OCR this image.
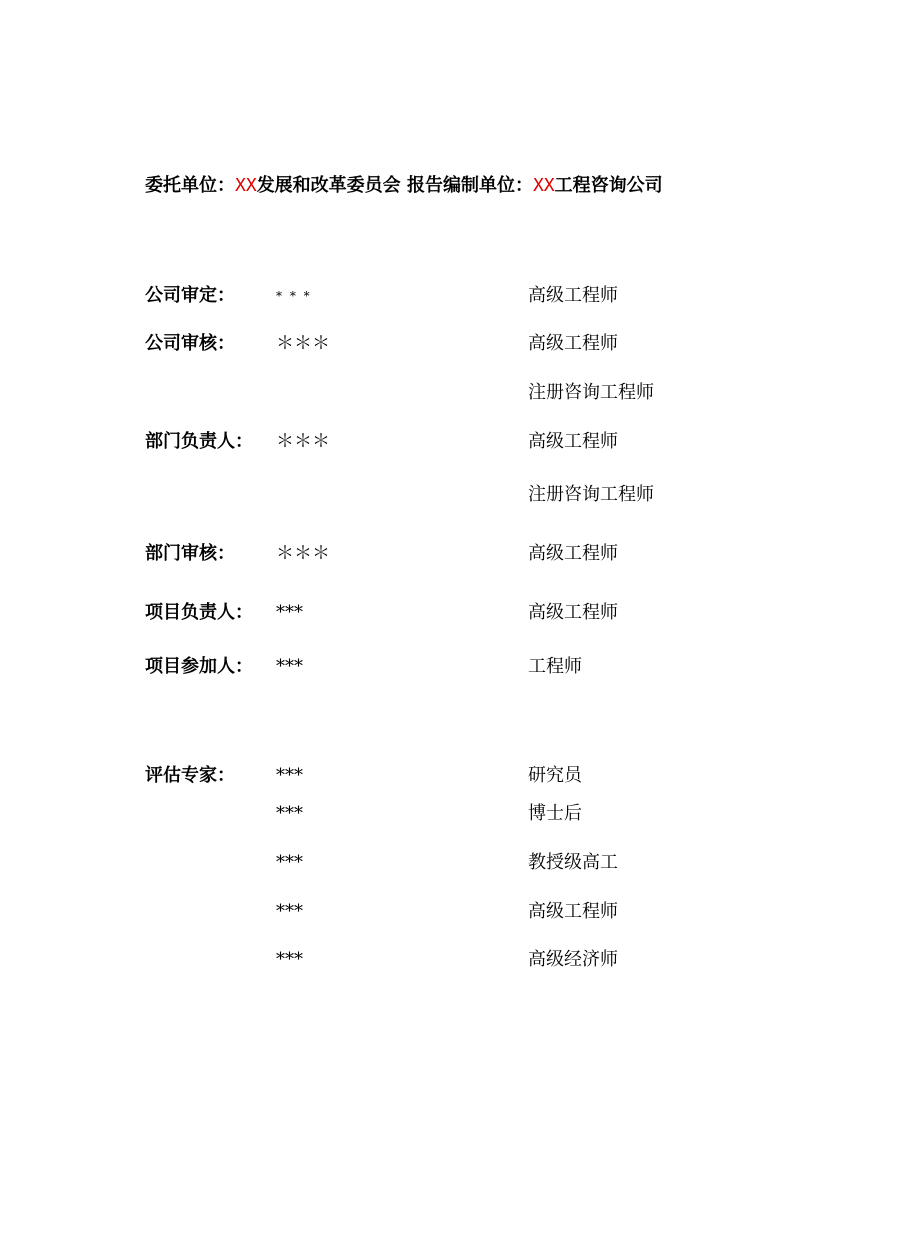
委托单位：XX发展和改革委员会 报告编制单位：XX工程咨询公司
公司审定：	* * *	高级工程师
公司审核： ＊＊＊	高级工程师
注册咨询工程师
部门负责人： ＊＊＊	高级工程师
注册咨询工程师
部门审核： ＊＊＊	高级工程师
项目负责人： ***	高级工程师
项目参加人： ***	工程师
评估专家： ***	研究员
***	博士后
***	教授级高工
***	高级工程师
***	高级经济师
